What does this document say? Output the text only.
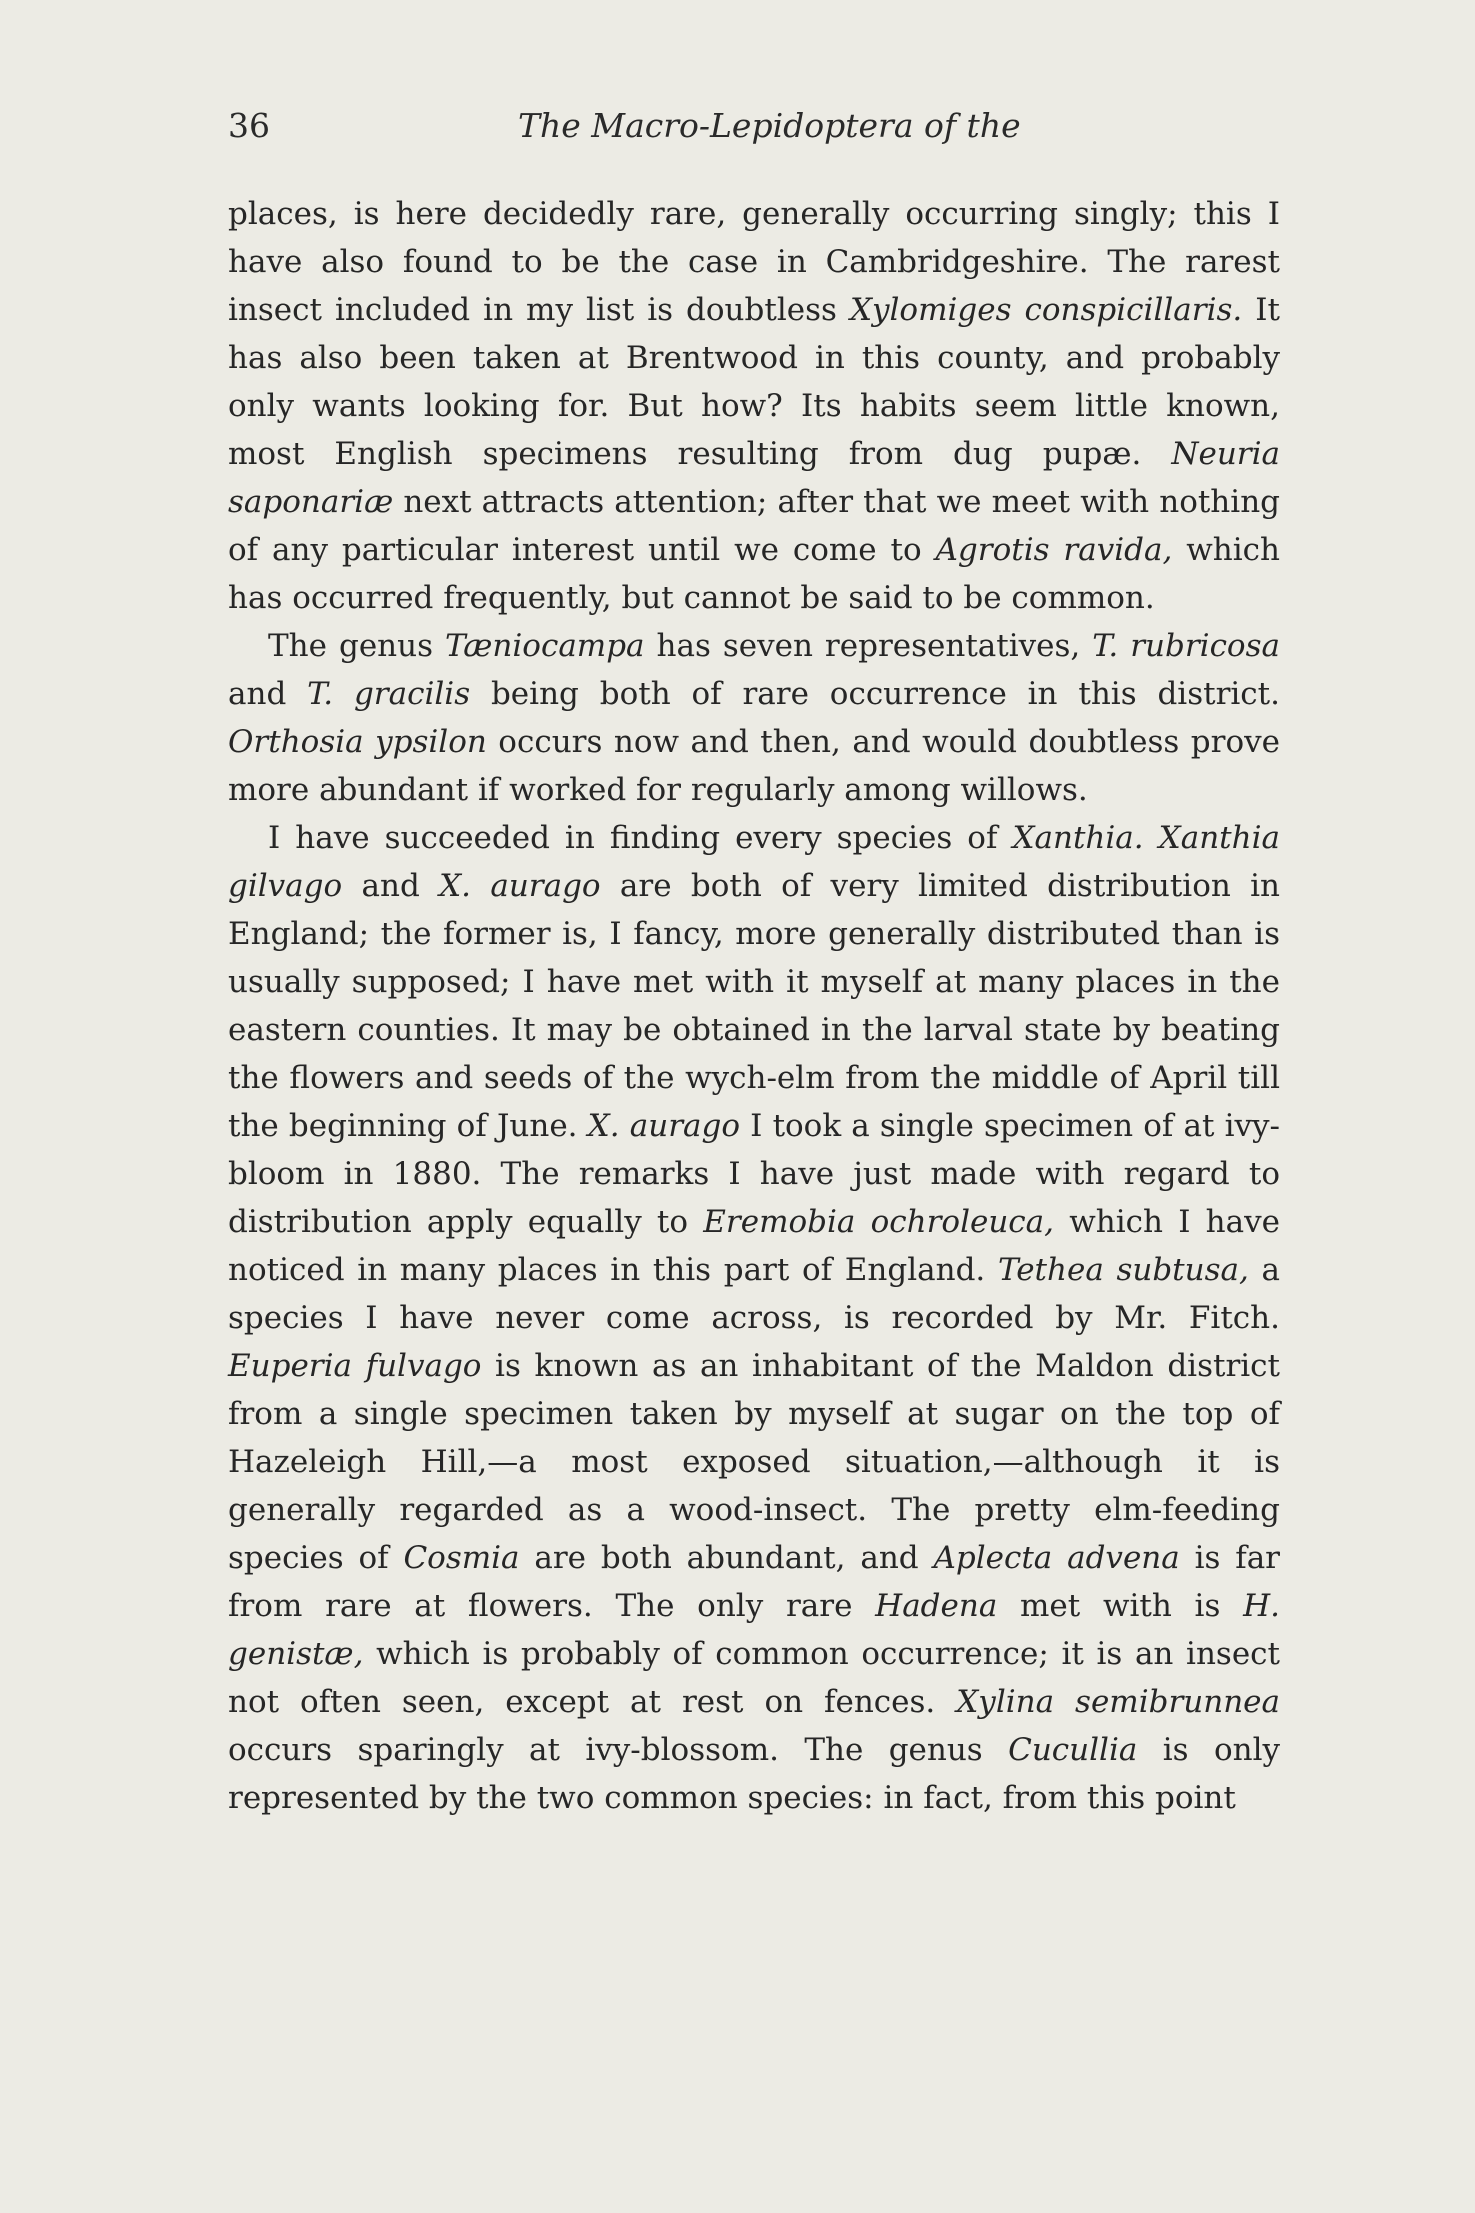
36	The Macro-Lepidoptera of the

places, is here decidedly rare, generally occurring singly; this I have also found to be the case in Cambridgeshire. The rarest insect included in my list is doubtless Xylomiges conspicillaris. It has also been taken at Brentwood in this county, and probably only wants looking for. But how? Its habits seem little known, most English specimens resulting from dug pupæ. Neuria saponariæ next attracts attention; after that we meet with nothing of any particular interest until we come to Agrotis ravida, which has occurred frequently, but cannot be said to be common.

The genus Tæniocampa has seven representatives, T. rubricosa and T. gracilis being both of rare occurrence in this district. Orthosia ypsilon occurs now and then, and would doubtless prove more abundant if worked for regularly among willows.

I have succeeded in finding every species of Xanthia. Xanthia gilvago and X. aurago are both of very limited distribution in England; the former is, I fancy, more generally distributed than is usually supposed; I have met with it myself at many places in the eastern counties. It may be obtained in the larval state by beating the flowers and seeds of the wych-elm from the middle of April till the beginning of June. X. aurago I took a single specimen of at ivy-bloom in 1880. The remarks I have just made with regard to distribution apply equally to Eremobia ochroleuca, which I have noticed in many places in this part of England. Tethea subtusa, a species I have never come across, is recorded by Mr. Fitch. Euperia fulvago is known as an inhabitant of the Maldon district from a single specimen taken by myself at sugar on the top of Hazeleigh Hill,—a most exposed situation,—although it is generally regarded as a wood-insect. The pretty elm-feeding species of Cosmia are both abundant, and Aplecta advena is far from rare at flowers. The only rare Hadena met with is H. genistæ, which is probably of common occurrence; it is an insect not often seen, except at rest on fences. Xylina semibrunnea occurs sparingly at ivy-blossom. The genus Cucullia is only represented by the two common species: in fact, from this point
